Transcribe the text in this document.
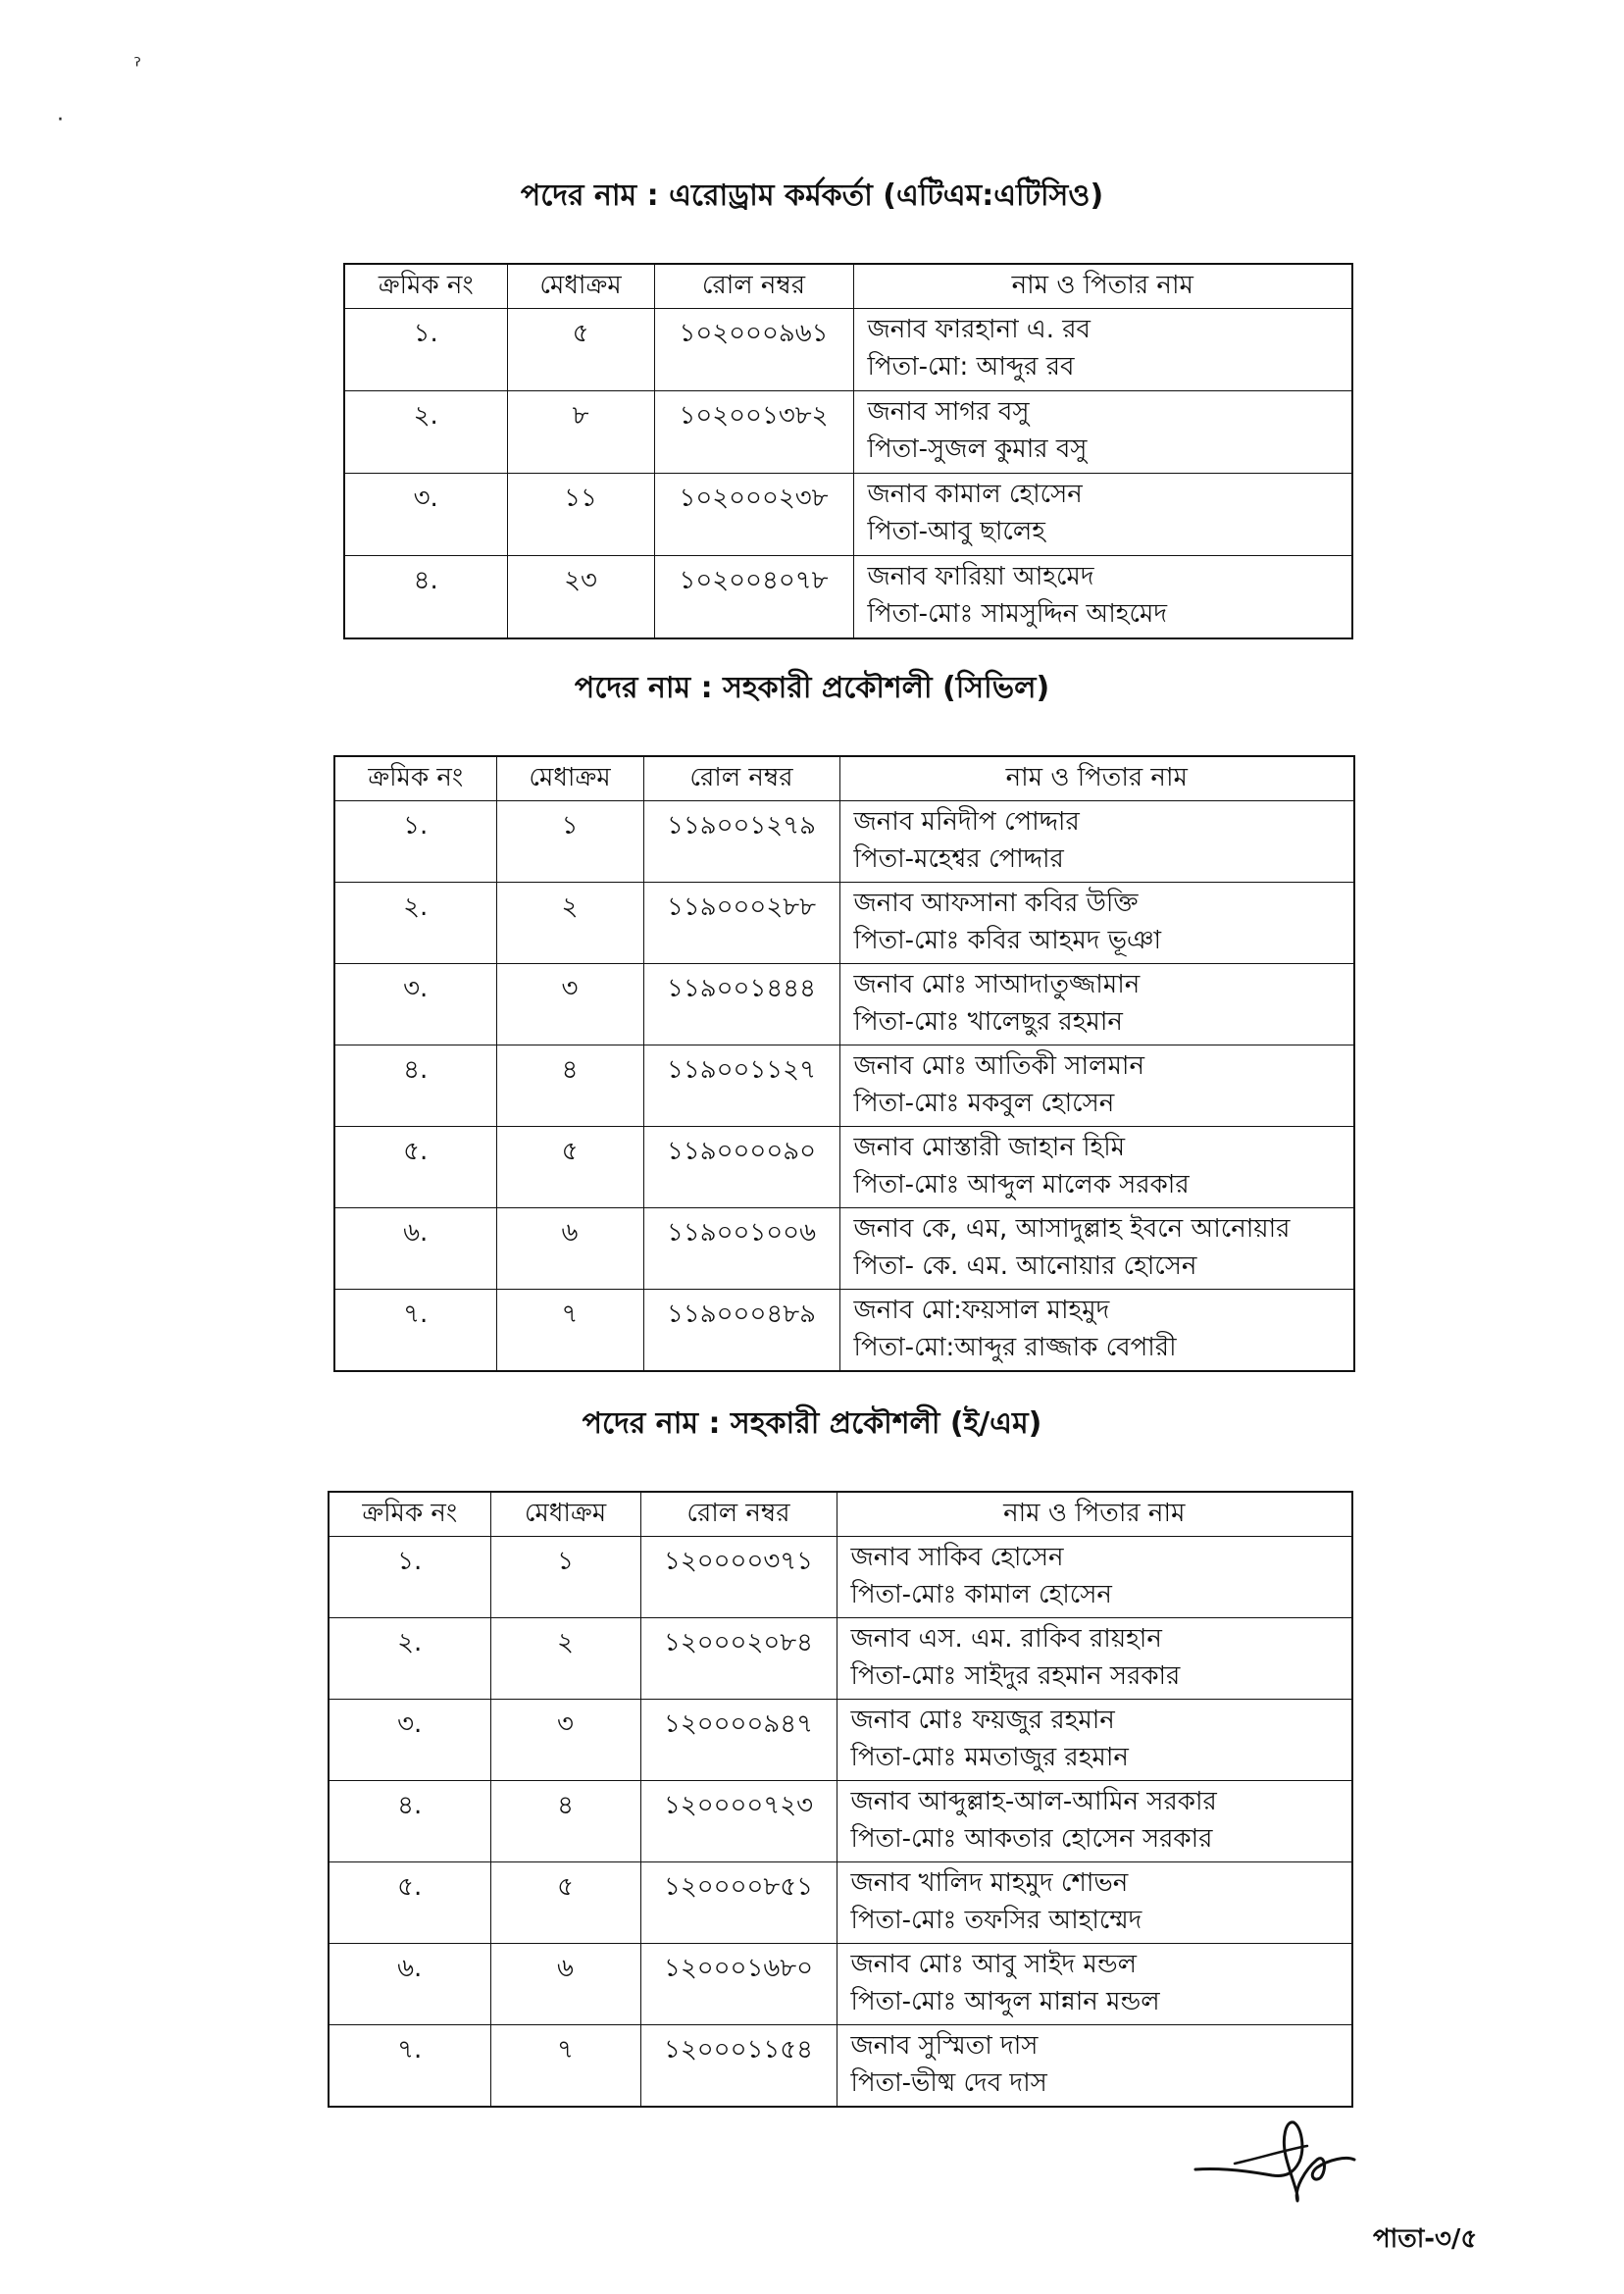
ˀ
·
পদের নাম : এরোড্রাম কর্মকর্তা (এটিএম:এটিসিও)
ক্রমিক নং	মেধাক্রম	রোল নম্বর	নাম ও পিতার নাম
১.	৫	১০২০০০৯৬১	জনাব ফারহানা এ. রব
পিতা-মো: আব্দুর রব

২.	৮	১০২০০১৩৮২	জনাব সাগর বসু
পিতা-সুজল কুমার বসু

৩.	১১	১০২০০০২৩৮	জনাব কামাল হোসেন
পিতা-আবু ছালেহ

৪.	২৩	১০২০০৪০৭৮	জনাব ফারিয়া আহমেদ
পিতা-মোঃ সামসুদ্দিন আহমেদ
পদের নাম : সহকারী প্রকৌশলী (সিভিল)
ক্রমিক নং	মেধাক্রম	রোল নম্বর	নাম ও পিতার নাম
১.	১	১১৯০০১২৭৯	জনাব মনিদীপ পোদ্দার
পিতা-মহেশ্বর পোদ্দার

২.	২	১১৯০০০২৮৮	জনাব আফসানা কবির উক্তি
পিতা-মোঃ কবির আহমদ ভূঞা

৩.	৩	১১৯০০১৪৪৪	জনাব মোঃ সাআদাতুজ্জামান
পিতা-মোঃ খালেছুর রহমান

৪.	৪	১১৯০০১১২৭	জনাব মোঃ আতিকী সালমান
পিতা-মোঃ মকবুল হোসেন

৫.	৫	১১৯০০০০৯০	জনাব মোস্তারী জাহান হিমি
পিতা-মোঃ আব্দুল মালেক সরকার

৬.	৬	১১৯০০১০০৬	জনাব কে, এম, আসাদুল্লাহ ইবনে আনোয়ার
পিতা- কে. এম. আনোয়ার হোসেন

৭.	৭	১১৯০০০৪৮৯	জনাব মো:ফয়সাল মাহমুদ
পিতা-মো:আব্দুর রাজ্জাক বেপারী
পদের নাম : সহকারী প্রকৌশলী (ই/এম)
ক্রমিক নং	মেধাক্রম	রোল নম্বর	নাম ও পিতার নাম
১.	১	১২০০০০৩৭১	জনাব সাকিব হোসেন
পিতা-মোঃ কামাল হোসেন

২.	২	১২০০০২০৮৪	জনাব এস. এম. রাকিব রায়হান
পিতা-মোঃ সাইদুর রহমান সরকার

৩.	৩	১২০০০০৯৪৭	জনাব মোঃ ফয়জুর রহমান
পিতা-মোঃ মমতাজুর রহমান

৪.	৪	১২০০০০৭২৩	জনাব আব্দুল্লাহ-আল-আমিন সরকার
পিতা-মোঃ আকতার হোসেন সরকার

৫.	৫	১২০০০০৮৫১	জনাব খালিদ মাহমুদ শোভন
পিতা-মোঃ তফসির আহাম্মেদ

৬.	৬	১২০০০১৬৮০	জনাব মোঃ আবু সাইদ মন্ডল
পিতা-মোঃ আব্দুল মান্নান মন্ডল

৭.	৭	১২০০০১১৫৪	জনাব সুস্মিতা দাস
পিতা-ভীষ্ম দেব দাস
পাতা-৩/৫
